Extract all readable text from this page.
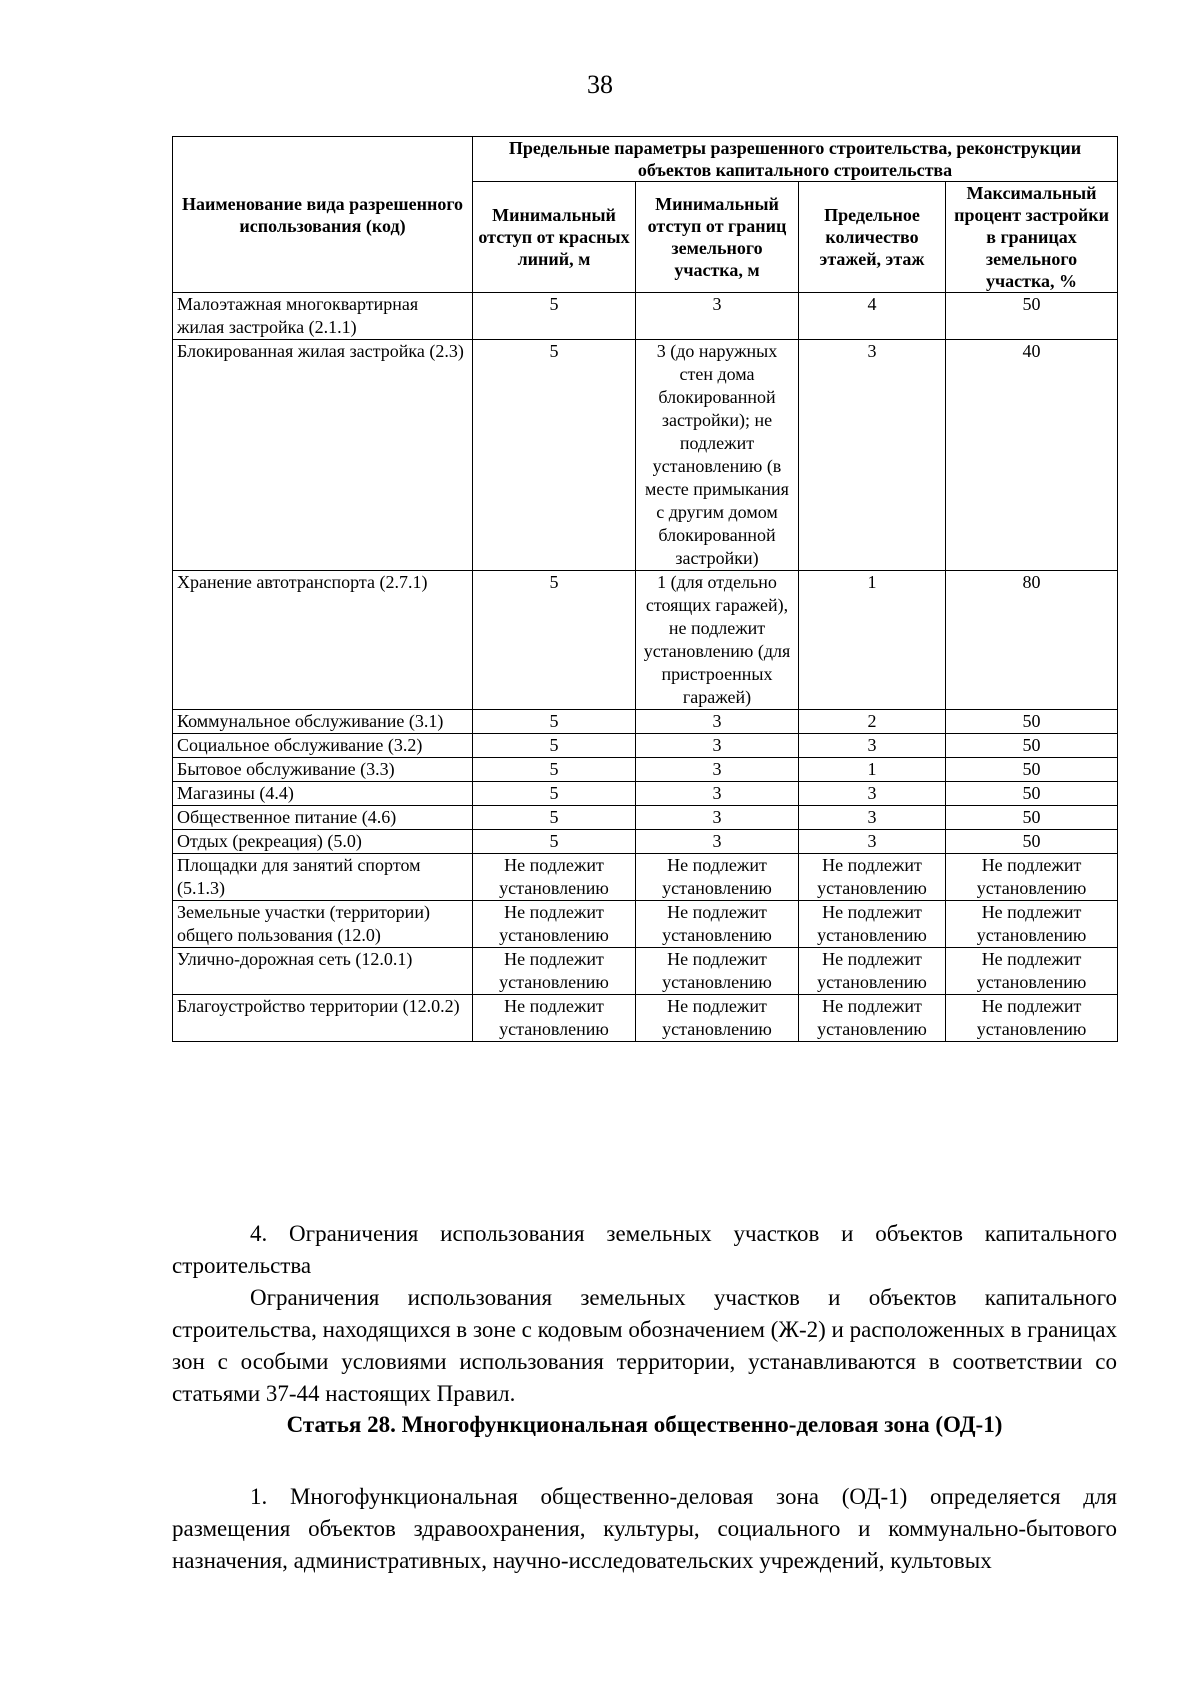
38
Наименование вида разрешенного использования (код)	Предельные параметры разрешенного строительства, реконструкции объектов капитального строительства			
	Минимальный отступ от красных линий, м	Минимальный отступ от границ земельного участка, м	Предельное количество этажей, этаж	Максимальный процент застройки в границах земельного участка, %
Малоэтажная многоквартирная жилая застройка (2.1.1)	5	3	4	50
Блокированная жилая застройка (2.3)	5	3 (до наружных стен дома блокированной застройки); не подлежит установлению (в месте примыкания с другим домом блокированной застройки)	3	40
Хранение автотранспорта (2.7.1)	5	1 (для отдельно стоящих гаражей), не подлежит установлению (для пристроенных гаражей)	1	80
Коммунальное обслуживание (3.1)	5	3	2	50
Социальное обслуживание (3.2)	5	3	3	50
Бытовое обслуживание (3.3)	5	3	1	50
Магазины (4.4)	5	3	3	50
Общественное питание (4.6)	5	3	3	50
Отдых (рекреация) (5.0)	5	3	3	50
Площадки для занятий спортом (5.1.3)	Не подлежит установлению	Не подлежит установлению	Не подлежит установлению	Не подлежит установлению
Земельные участки (территории) общего пользования (12.0)	Не подлежит установлению	Не подлежит установлению	Не подлежит установлению	Не подлежит установлению
Улично-дорожная сеть (12.0.1)	Не подлежит установлению	Не подлежит установлению	Не подлежит установлению	Не подлежит установлению
Благоустройство территории (12.0.2)	Не подлежит установлению	Не подлежит установлению	Не подлежит установлению	Не подлежит установлению

4. Ограничения использования земельных участков и объектов капитального строительства

Ограничения использования земельных участков и объектов капитального строительства, находящихся в зоне с кодовым обозначением (Ж-2) и расположенных в границах зон с особыми условиями использования территории, устанавливаются в соответствии со статьями 37-44 настоящих Правил.

Статья 28. Многофункциональная общественно-деловая зона (ОД-1)

1. Многофункциональная общественно-деловая зона (ОД-1) определяется для размещения объектов здравоохранения, культуры, социального и коммунально-бытового назначения, административных, научно-исследовательских учреждений, культовых
